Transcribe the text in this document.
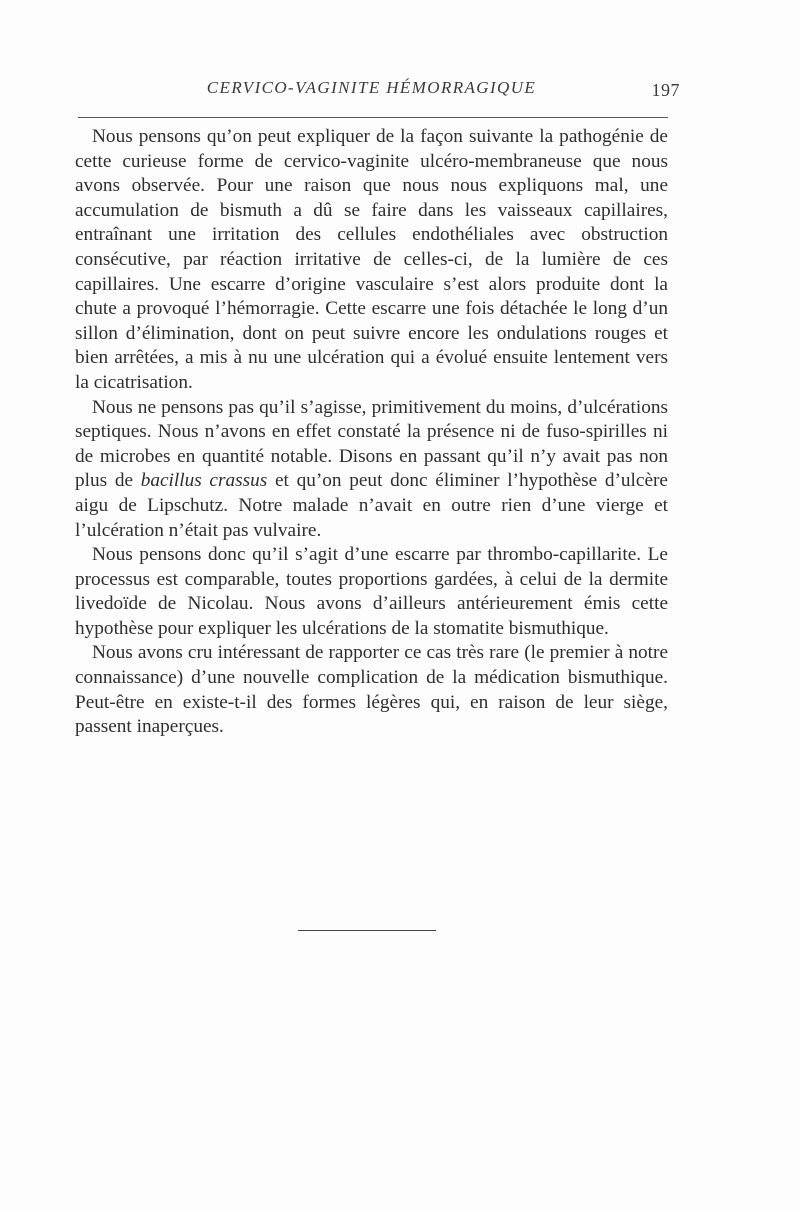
CERVICO-VAGINITE HÉMORRAGIQUE	197

Nous pensons qu’on peut expliquer de la façon suivante la pathogénie de cette curieuse forme de cervico-vaginite ulcéro-membraneuse que nous avons observée. Pour une raison que nous nous expliquons mal, une accumulation de bismuth a dû se faire dans les vaisseaux capillaires, entraînant une irritation des cellules endothéliales avec obstruction consécutive, par réaction irritative de celles-ci, de la lumière de ces capillaires. Une escarre d’origine vasculaire s’est alors produite dont la chute a provoqué l’hémorragie. Cette escarre une fois détachée le long d’un sillon d’élimination, dont on peut suivre encore les ondulations rouges et bien arrêtées, a mis à nu une ulcération qui a évolué ensuite lentement vers la cicatrisation.

Nous ne pensons pas qu’il s’agisse, primitivement du moins, d’ulcérations septiques. Nous n’avons en effet constaté la présence ni de fuso-spirilles ni de microbes en quantité notable. Disons en passant qu’il n’y avait pas non plus de bacillus crassus et qu’on peut donc éliminer l’hypothèse d’ulcère aigu de Lipschutz. Notre malade n’avait en outre rien d’une vierge et l’ulcération n’était pas vulvaire.

Nous pensons donc qu’il s’agit d’une escarre par thrombo-capillarite. Le processus est comparable, toutes proportions gardées, à celui de la dermite livedoïde de Nicolau. Nous avons d’ailleurs antérieurement émis cette hypothèse pour expliquer les ulcérations de la stomatite bismuthique.

Nous avons cru intéressant de rapporter ce cas très rare (le premier à notre connaissance) d’une nouvelle complication de la médication bismuthique. Peut-être en existe-t-il des formes légères qui, en raison de leur siège, passent inaperçues.
